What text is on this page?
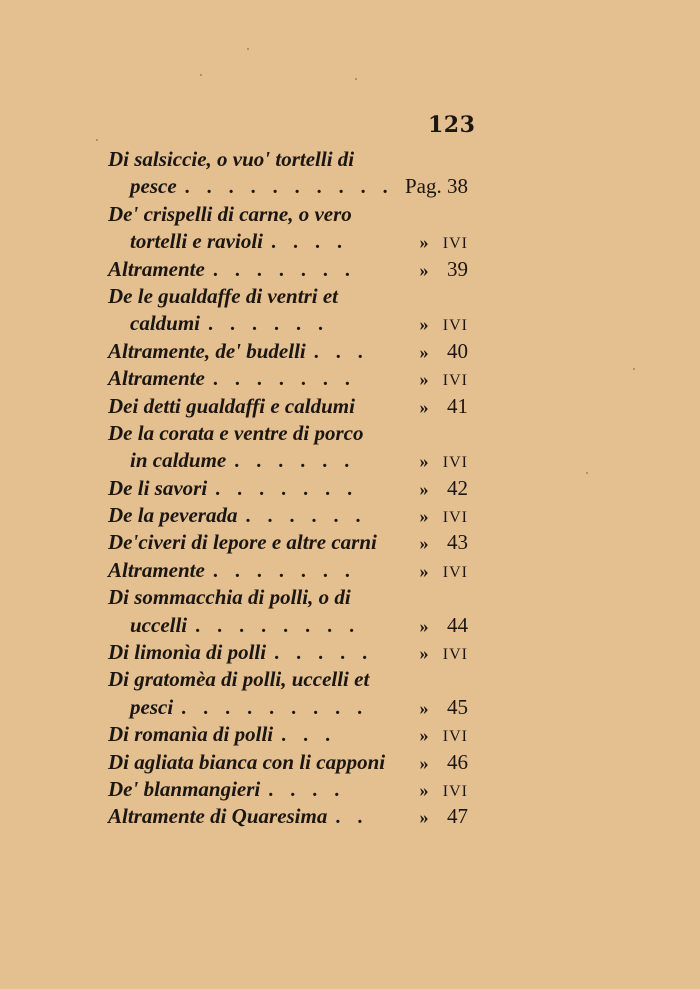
123
Di salsiccie, o vuo' tortelli di
pesce . . . . . . . . . . Pag. 38
De' crispelli di carne, o vero
tortelli e ravioli . . . .	» IVI
Altramente . . . . . . .	» 39
De le gualdaffe di ventri et
caldumi . . . . . .	» IVI
Altramente, de' budelli . . .	» 40
Altramente . . . . . . .	» IVI
Dei detti gualdaffi e caldumi	» 41
De la corata e ventre di porco
in caldume . . . . . .	» IVI
De li savori . . . . . . .	» 42
De la peverada . . . . . .	» IVI
De'civeri di lepore e altre carni	» 43
Altramente . . . . . . .	» IVI
Di sommacchia di polli, o di
uccelli . . . . . . . .	» 44
Di limonìa di polli . . . . .	» IVI
Di gratomèa di polli, uccelli et
pesci . . . . . . . . .	» 45
Di romanìa di polli . . .	» IVI
Di agliata bianca con li capponi	» 46
De' blanmangieri . . . .	» IVI
Altramente di Quaresima . .	» 47
